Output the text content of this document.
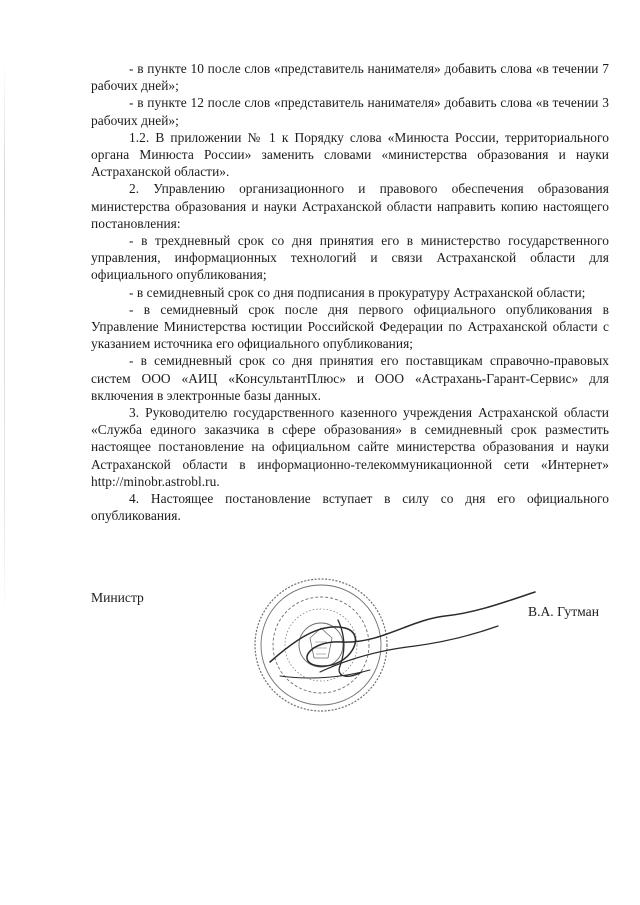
- в пункте 10 после слов «представитель нанимателя» добавить слова «в течении 7 рабочих дней»;

- в пункте 12 после слов «представитель нанимателя» добавить слова «в течении 3 рабочих дней»;

1.2. В приложении № 1 к Порядку слова «Минюста России, территориального органа Минюста России» заменить словами «министерства образования и науки Астраханской области».

2. Управлению организационного и правового обеспечения образования министерства образования и науки Астраханской области направить копию настоящего постановления:

- в трехдневный срок со дня принятия его в министерство государственного управления, информационных технологий и связи Астраханской области для официального опубликования;

- в семидневный срок со дня подписания в прокуратуру Астраханской области;

- в семидневный срок после дня первого официального опубликования в Управление Министерства юстиции Российской Федерации по Астраханской области с указанием источника его официального опубликования;

- в семидневный срок со дня принятия его поставщикам справочно-правовых систем ООО «АИЦ «КонсультантПлюс» и ООО «Астрахань-Гарант-Сервис» для включения в электронные базы данных.

3. Руководителю государственного казенного учреждения Астраханской области «Служба единого заказчика в сфере образования» в семидневный срок разместить настоящее постановление на официальном сайте министерства образования и науки Астраханской области в информационно-телекоммуникационной сети «Интернет» http://minobr.astrobl.ru.

4. Настоящее постановление вступает в силу со дня его официального опубликования.

Министр
В.А. Гутман
